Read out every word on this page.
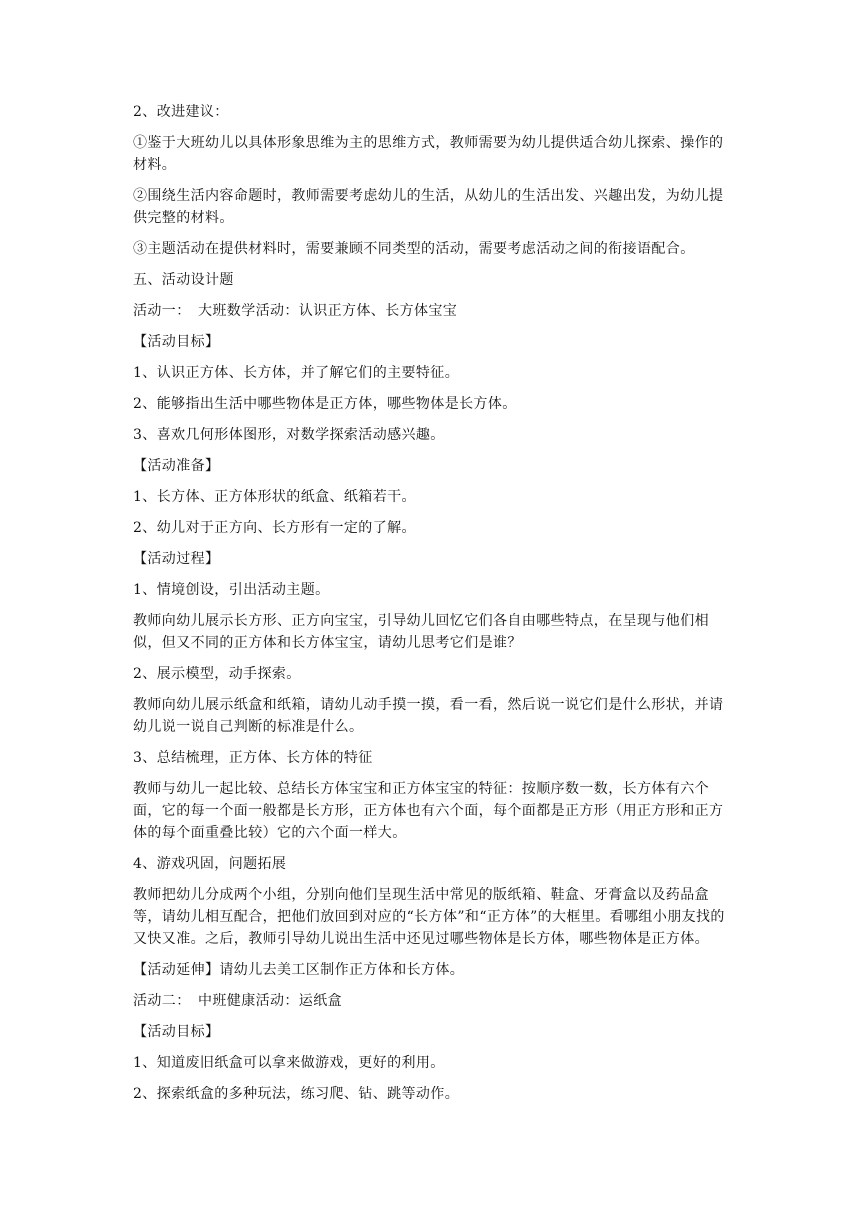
2、改进建议：

①鉴于大班幼儿以具体形象思维为主的思维方式，教师需要为幼儿提供适合幼儿探索、操作的材料。

②围绕生活内容命题时，教师需要考虑幼儿的生活，从幼儿的生活出发、兴趣出发，为幼儿提供完整的材料。

③主题活动在提供材料时，需要兼顾不同类型的活动，需要考虑活动之间的衔接语配合。

五、活动设计题

活动一：　大班数学活动：认识正方体、长方体宝宝

【活动目标】

1、认识正方体、长方体，并了解它们的主要特征。

2、能够指出生活中哪些物体是正方体，哪些物体是长方体。

3、喜欢几何形体图形，对数学探索活动感兴趣。

【活动准备】

1、长方体、正方体形状的纸盒、纸箱若干。

2、幼儿对于正方向、长方形有一定的了解。

【活动过程】

1、情境创设，引出活动主题。

教师向幼儿展示长方形、正方向宝宝，引导幼儿回忆它们各自由哪些特点，在呈现与他们相似，但又不同的正方体和长方体宝宝，请幼儿思考它们是谁？

2、展示模型，动手探索。

教师向幼儿展示纸盒和纸箱，请幼儿动手摸一摸，看一看，然后说一说它们是什么形状，并请幼儿说一说自己判断的标准是什么。

3、总结梳理，正方体、长方体的特征

教师与幼儿一起比较、总结长方体宝宝和正方体宝宝的特征：按顺序数一数，长方体有六个面，它的每一个面一般都是长方形，正方体也有六个面，每个面都是正方形（用正方形和正方体的每个面重叠比较）它的六个面一样大。

4、游戏巩固，问题拓展

教师把幼儿分成两个小组，分别向他们呈现生活中常见的版纸箱、鞋盒、牙膏盒以及药品盒等，请幼儿相互配合，把他们放回到对应的“长方体”和“正方体”的大框里。看哪组小朋友找的又快又准。之后，教师引导幼儿说出生活中还见过哪些物体是长方体，哪些物体是正方体。

【活动延伸】请幼儿去美工区制作正方体和长方体。

活动二：　中班健康活动：运纸盒

【活动目标】

1、知道废旧纸盒可以拿来做游戏，更好的利用。

2、探索纸盒的多种玩法，练习爬、钻、跳等动作。
